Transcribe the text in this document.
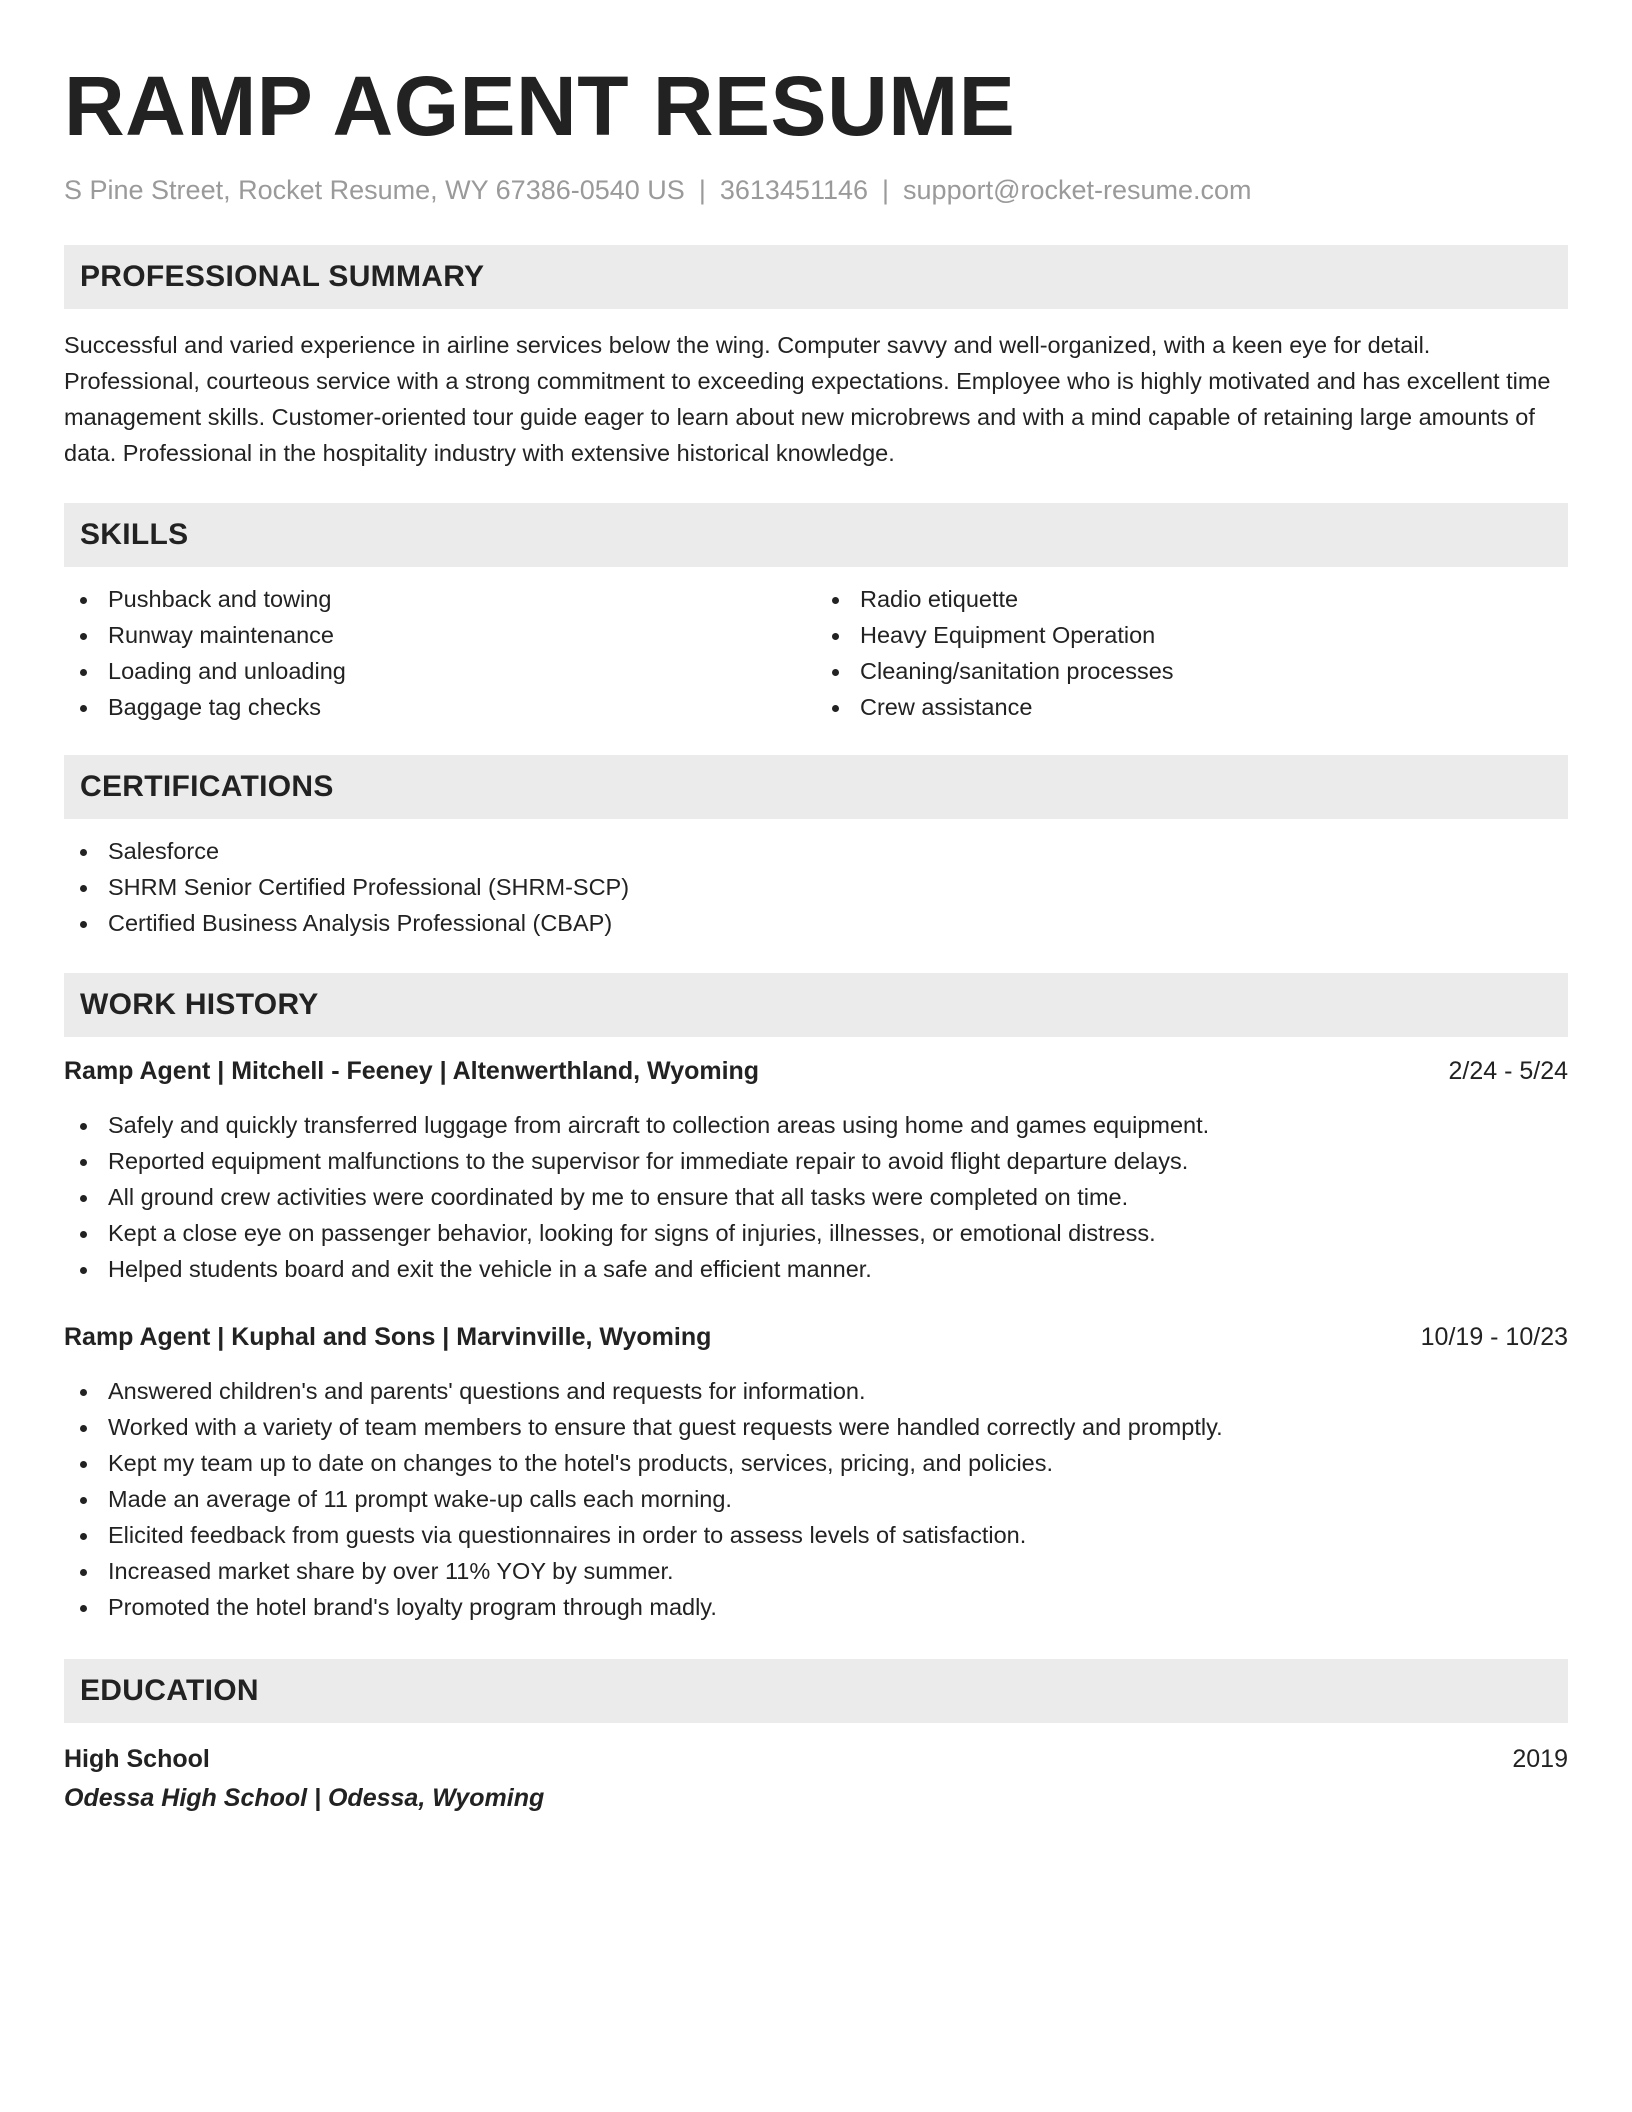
RAMP AGENT RESUME
S Pine Street, Rocket Resume, WY 67386-0540 US | 3613451146 | support@rocket-resume.com
PROFESSIONAL SUMMARY

Successful and varied experience in airline services below the wing. Computer savvy and well-organized, with a keen eye for detail. Professional, courteous service with a strong commitment to exceeding expectations. Employee who is highly motivated and has excellent time management skills. Customer-oriented tour guide eager to learn about new microbrews and with a mind capable of retaining large amounts of data. Professional in the hospitality industry with extensive historical knowledge.

SKILLS
Pushback and towing
Runway maintenance
Loading and unloading
Baggage tag checks
Radio etiquette
Heavy Equipment Operation
Cleaning/sanitation processes
Crew assistance
CERTIFICATIONS
Salesforce
SHRM Senior Certified Professional (SHRM-SCP)
Certified Business Analysis Professional (CBAP)
WORK HISTORY
Ramp Agent | Mitchell - Feeney | Altenwerthland, Wyoming	2/24 - 5/24
Safely and quickly transferred luggage from aircraft to collection areas using home and games equipment.
Reported equipment malfunctions to the supervisor for immediate repair to avoid flight departure delays.
All ground crew activities were coordinated by me to ensure that all tasks were completed on time.
Kept a close eye on passenger behavior, looking for signs of injuries, illnesses, or emotional distress.
Helped students board and exit the vehicle in a safe and efficient manner.
Ramp Agent | Kuphal and Sons | Marvinville, Wyoming	10/19 - 10/23
Answered children's and parents' questions and requests for information.
Worked with a variety of team members to ensure that guest requests were handled correctly and promptly.
Kept my team up to date on changes to the hotel's products, services, pricing, and policies.
Made an average of 11 prompt wake-up calls each morning.
Elicited feedback from guests via questionnaires in order to assess levels of satisfaction.
Increased market share by over 11% YOY by summer.
Promoted the hotel brand's loyalty program through madly.
EDUCATION
High School	2019
Odessa High School | Odessa, Wyoming
